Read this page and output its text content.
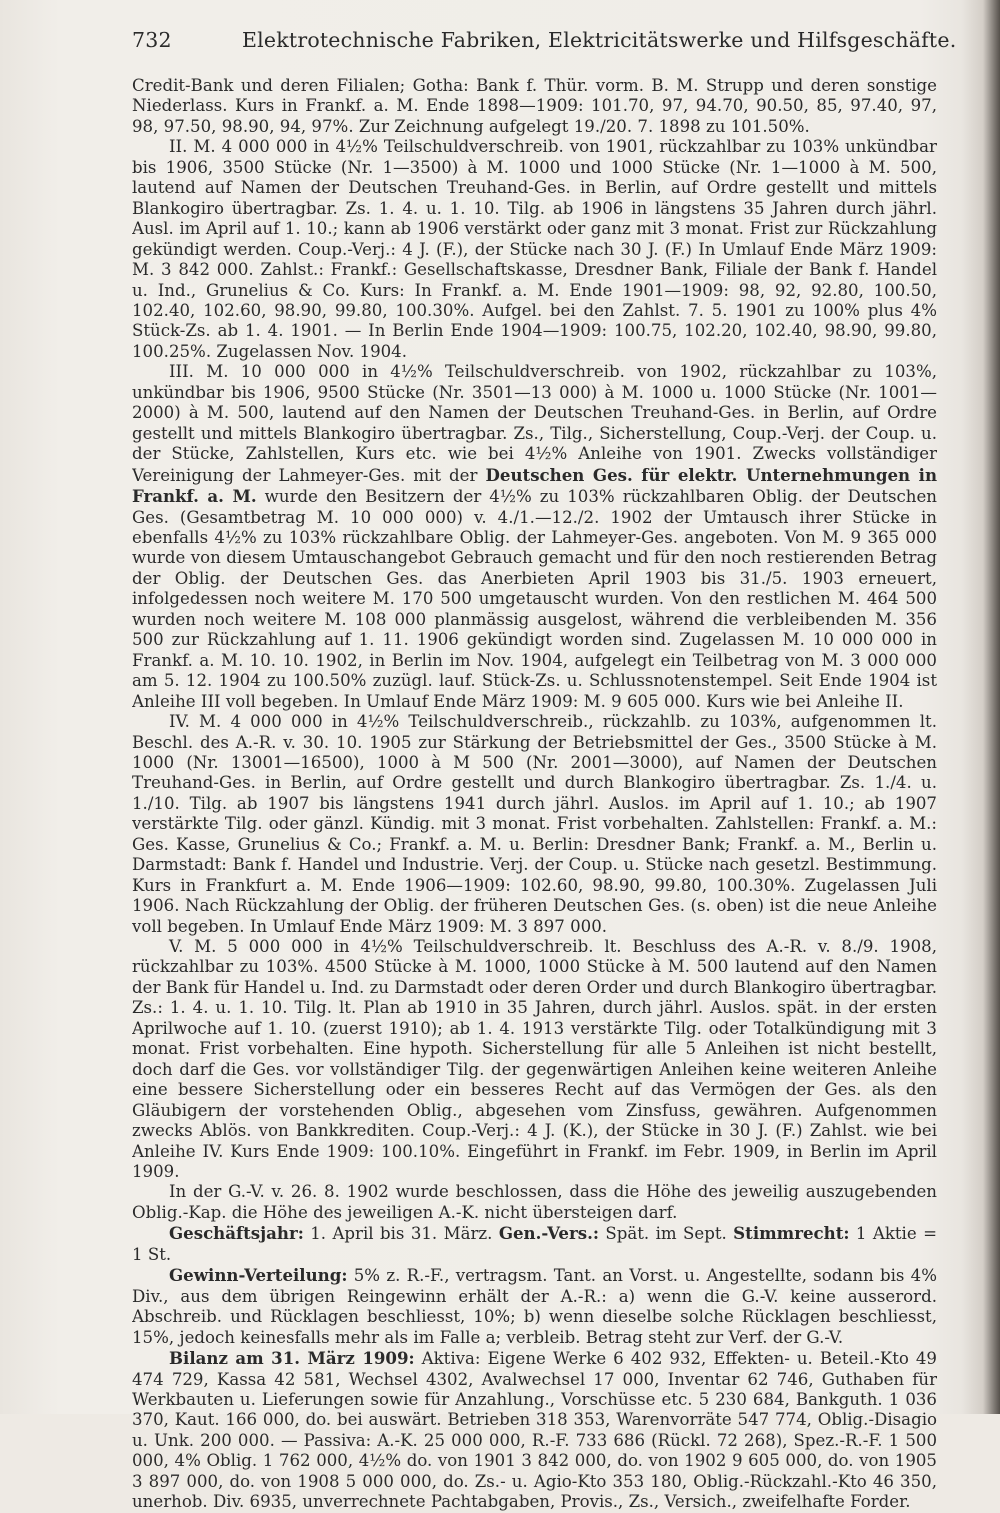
732	Elektrotechnische Fabriken, Elektricitätswerke und Hilfsgeschäfte.

Credit-Bank und deren Filialen; Gotha: Bank f. Thür. vorm. B. M. Strupp und deren sonstige Niederlass. Kurs in Frankf. a. M. Ende 1898—1909: 101.70, 97, 94.70, 90.50, 85, 97.40, 97, 98, 97.50, 98.90, 94, 97%. Zur Zeichnung aufgelegt 19./20. 7. 1898 zu 101.50%.

II. M. 4 000 000 in 4½% Teilschuldverschreib. von 1901, rückzahlbar zu 103% unkündbar bis 1906, 3500 Stücke (Nr. 1—3500) à M. 1000 und 1000 Stücke (Nr. 1—1000 à M. 500, lautend auf Namen der Deutschen Treuhand-Ges. in Berlin, auf Ordre gestellt und mittels Blankogiro übertragbar. Zs. 1. 4. u. 1. 10. Tilg. ab 1906 in längstens 35 Jahren durch jährl. Ausl. im April auf 1. 10.; kann ab 1906 verstärkt oder ganz mit 3 monat. Frist zur Rückzahlung gekündigt werden. Coup.-Verj.: 4 J. (F.), der Stücke nach 30 J. (F.) In Umlauf Ende März 1909: M. 3 842 000. Zahlst.: Frankf.: Gesellschaftskasse, Dresdner Bank, Filiale der Bank f. Handel u. Ind., Grunelius & Co. Kurs: In Frankf. a. M. Ende 1901—1909: 98, 92, 92.80, 100.50, 102.40, 102.60, 98.90, 99.80, 100.30%. Aufgel. bei den Zahlst. 7. 5. 1901 zu 100% plus 4% Stück-Zs. ab 1. 4. 1901. — In Berlin Ende 1904—1909: 100.75, 102.20, 102.40, 98.90, 99.80, 100.25%. Zugelassen Nov. 1904.

III. M. 10 000 000 in 4½% Teilschuldverschreib. von 1902, rückzahlbar zu 103%, unkündbar bis 1906, 9500 Stücke (Nr. 3501—13 000) à M. 1000 u. 1000 Stücke (Nr. 1001—2000) à M. 500, lautend auf den Namen der Deutschen Treuhand-Ges. in Berlin, auf Ordre gestellt und mittels Blankogiro übertragbar. Zs., Tilg., Sicherstellung, Coup.-Verj. der Coup. u. der Stücke, Zahlstellen, Kurs etc. wie bei 4½% Anleihe von 1901. Zwecks vollständiger Vereinigung der Lahmeyer-Ges. mit der Deutschen Ges. für elektr. Unternehmungen in Frankf. a. M. wurde den Besitzern der 4½% zu 103% rückzahlbaren Oblig. der Deutschen Ges. (Gesamtbetrag M. 10 000 000) v. 4./1.—12./2. 1902 der Umtausch ihrer Stücke in ebenfalls 4½% zu 103% rückzahlbare Oblig. der Lahmeyer-Ges. angeboten. Von M. 9 365 000 wurde von diesem Umtauschangebot Gebrauch gemacht und für den noch restierenden Betrag der Oblig. der Deutschen Ges. das Anerbieten April 1903 bis 31./5. 1903 erneuert, infolgedessen noch weitere M. 170 500 umgetauscht wurden. Von den restlichen M. 464 500 wurden noch weitere M. 108 000 planmässig ausgelost, während die verbleibenden M. 356 500 zur Rückzahlung auf 1. 11. 1906 gekündigt worden sind. Zugelassen M. 10 000 000 in Frankf. a. M. 10. 10. 1902, in Berlin im Nov. 1904, aufgelegt ein Teilbetrag von M. 3 000 000 am 5. 12. 1904 zu 100.50% zuzügl. lauf. Stück-Zs. u. Schlussnotenstempel. Seit Ende 1904 ist Anleihe III voll begeben. In Umlauf Ende März 1909: M. 9 605 000. Kurs wie bei Anleihe II.

IV. M. 4 000 000 in 4½% Teilschuldverschreib., rückzahlb. zu 103%, aufgenommen lt. Beschl. des A.-R. v. 30. 10. 1905 zur Stärkung der Betriebsmittel der Ges., 3500 Stücke à M. 1000 (Nr. 13001—16500), 1000 à M 500 (Nr. 2001—3000), auf Namen der Deutschen Treuhand-Ges. in Berlin, auf Ordre gestellt und durch Blankogiro übertragbar. Zs. 1./4. u. 1./10. Tilg. ab 1907 bis längstens 1941 durch jährl. Auslos. im April auf 1. 10.; ab 1907 verstärkte Tilg. oder gänzl. Kündig. mit 3 monat. Frist vorbehalten. Zahlstellen: Frankf. a. M.: Ges. Kasse, Grunelius & Co.; Frankf. a. M. u. Berlin: Dresdner Bank; Frankf. a. M., Berlin u. Darmstadt: Bank f. Handel und Industrie. Verj. der Coup. u. Stücke nach gesetzl. Bestimmung. Kurs in Frankfurt a. M. Ende 1906—1909: 102.60, 98.90, 99.80, 100.30%. Zugelassen Juli 1906. Nach Rückzahlung der Oblig. der früheren Deutschen Ges. (s. oben) ist die neue Anleihe voll begeben. In Umlauf Ende März 1909: M. 3 897 000.

V. M. 5 000 000 in 4½% Teilschuldverschreib. lt. Beschluss des A.-R. v. 8./9. 1908, rückzahlbar zu 103%. 4500 Stücke à M. 1000, 1000 Stücke à M. 500 lautend auf den Namen der Bank für Handel u. Ind. zu Darmstadt oder deren Order und durch Blankogiro übertragbar. Zs.: 1. 4. u. 1. 10. Tilg. lt. Plan ab 1910 in 35 Jahren, durch jährl. Auslos. spät. in der ersten Aprilwoche auf 1. 10. (zuerst 1910); ab 1. 4. 1913 verstärkte Tilg. oder Totalkündigung mit 3 monat. Frist vorbehalten. Eine hypoth. Sicherstellung für alle 5 Anleihen ist nicht bestellt, doch darf die Ges. vor vollständiger Tilg. der gegenwärtigen Anleihen keine weiteren Anleihe eine bessere Sicherstellung oder ein besseres Recht auf das Vermögen der Ges. als den Gläubigern der vorstehenden Oblig., abgesehen vom Zinsfuss, gewähren. Aufgenommen zwecks Ablös. von Bankkrediten. Coup.-Verj.: 4 J. (K.), der Stücke in 30 J. (F.) Zahlst. wie bei Anleihe IV. Kurs Ende 1909: 100.10%. Eingeführt in Frankf. im Febr. 1909, in Berlin im April 1909.

In der G.-V. v. 26. 8. 1902 wurde beschlossen, dass die Höhe des jeweilig auszugebenden Oblig.-Kap. die Höhe des jeweiligen A.-K. nicht übersteigen darf.

Geschäftsjahr: 1. April bis 31. März. Gen.-Vers.: Spät. im Sept. Stimmrecht: 1 Aktie = 1 St.

Gewinn-Verteilung: 5% z. R.-F., vertragsm. Tant. an Vorst. u. Angestellte, sodann bis 4% Div., aus dem übrigen Reingewinn erhält der A.-R.: a) wenn die G.-V. keine ausserord. Abschreib. und Rücklagen beschliesst, 10%; b) wenn dieselbe solche Rücklagen beschliesst, 15%, jedoch keinesfalls mehr als im Falle a; verbleib. Betrag steht zur Verf. der G.-V.

Bilanz am 31. März 1909: Aktiva: Eigene Werke 6 402 932, Effekten- u. Beteil.-Kto 49 474 729, Kassa 42 581, Wechsel 4302, Avalwechsel 17 000, Inventar 62 746, Guthaben für Werkbauten u. Lieferungen sowie für Anzahlung., Vorschüsse etc. 5 230 684, Bankguth. 1 036 370, Kaut. 166 000, do. bei auswärt. Betrieben 318 353, Warenvorräte 547 774, Oblig.-Disagio u. Unk. 200 000. — Passiva: A.-K. 25 000 000, R.-F. 733 686 (Rückl. 72 268), Spez.-R.-F. 1 500 000, 4% Oblig. 1 762 000, 4½% do. von 1901 3 842 000, do. von 1902 9 605 000, do. von 1905 3 897 000, do. von 1908 5 000 000, do. Zs.- u. Agio-Kto 353 180, Oblig.-Rückzahl.-Kto 46 350, unerhob. Div. 6935, unverrechnete Pachtabgaben, Provis., Zs., Versich., zweifelhafte Forder.
